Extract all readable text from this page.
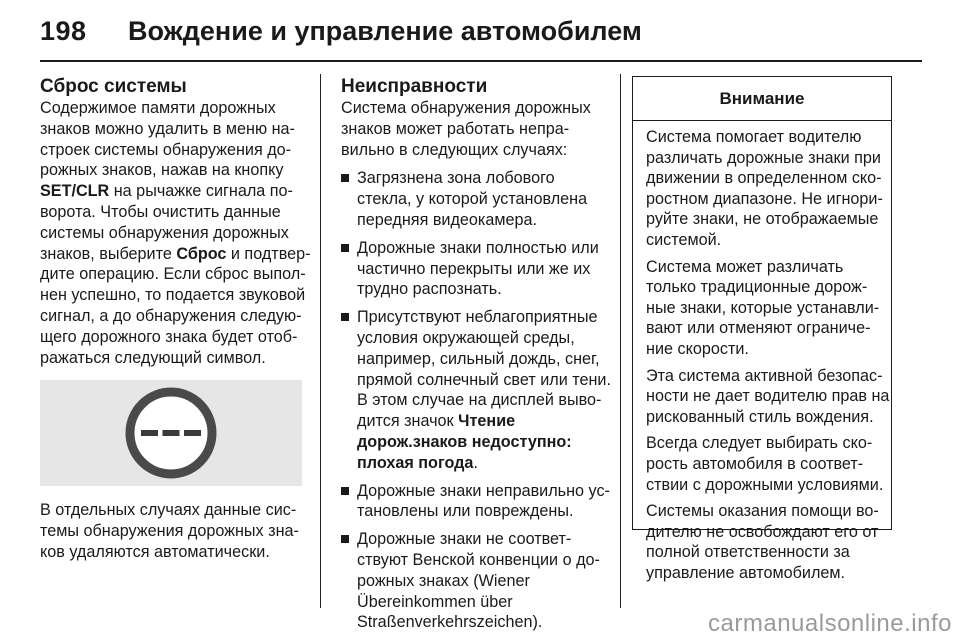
198 Вождение и управление автомобилем
Сброс системы
Содержимое памяти дорожных
знаков можно удалить в меню на-
строек системы обнаружения до-
рожных знаков, нажав на кнопку
SET/CLR на рычажке сигнала по-
ворота. Чтобы очистить данные
системы обнаружения дорожных
знаков, выберите Сброс и подтвер-
дите операцию. Если сброс выпол-
нен успешно, то подается звуковой
сигнал, а до обнаружения следую-
щего дорожного знака будет отоб-
ражаться следующий символ.
В отдельных случаях данные сис-
темы обнаружения дорожных зна-
ков удаляются автоматически.
Неисправности
Система обнаружения дорожных
знаков может работать непра-
вильно в следующих случаях:
Загрязнена зона лобового
стекла, у которой установлена
передняя видеокамера.
Дорожные знаки полностью или
частично перекрыты или же их
трудно распознать.
Присутствуют неблагоприятные
условия окружающей среды,
например, сильный дождь, снег,
прямой солнечный свет или тени.
В этом случае на дисплей выво-
дится значок Чтение
дорож.знаков недоступно:
плохая погода.
Дорожные знаки неправильно ус-
тановлены или повреждены.
Дорожные знаки не соответ-
ствуют Венской конвенции о до-
рожных знаках (Wiener
Übereinkommen über
Straßenverkehrszeichen).
Внимание
Система помогает водителю
различать дорожные знаки при
движении в определенном ско-
ростном диапазоне. Не игнори-
руйте знаки, не отображаемые
системой.
Система может различать
только традиционные дорож-
ные знаки, которые устанавли-
вают или отменяют ограниче-
ние скорости.
Эта система активной безопас-
ности не дает водителю прав на
рискованный стиль вождения.
Всегда следует выбирать ско-
рость автомобиля в соответ-
ствии с дорожными условиями.
Системы оказания помощи во-
дителю не освобождают его от
полной ответственности за
управление автомобилем.
carmanualsonline.info
